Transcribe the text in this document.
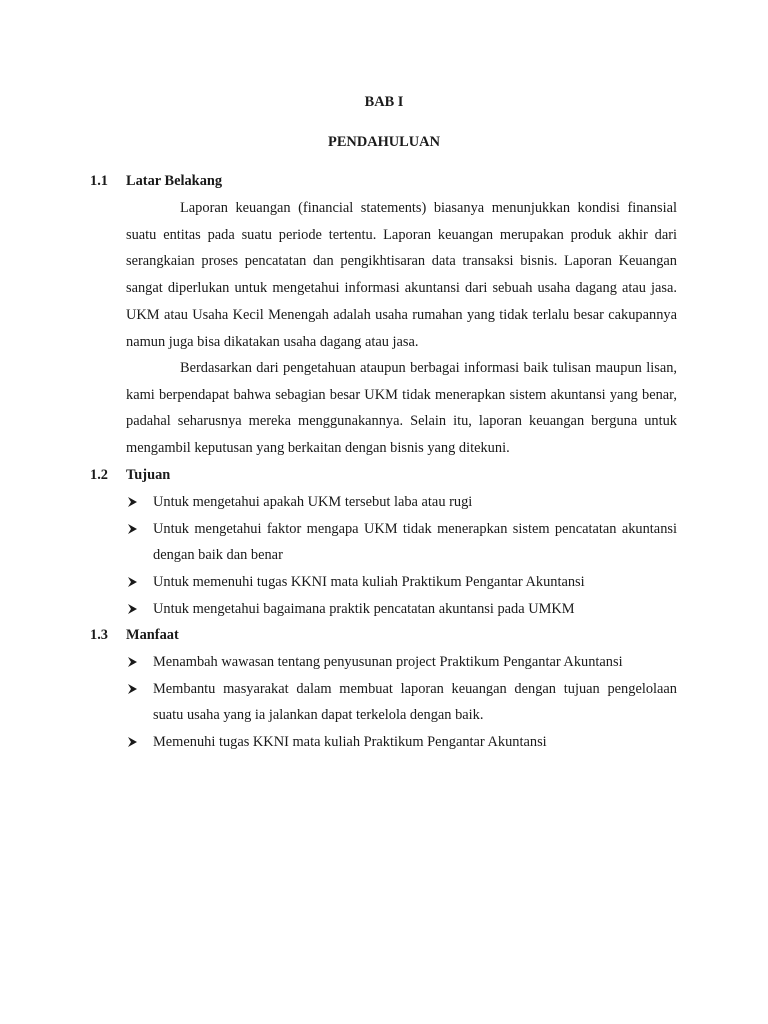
BAB I
PENDAHULUAN
1.1 Latar Belakang

Laporan keuangan (financial statements) biasanya menunjukkan kondisi finansial suatu entitas pada suatu periode tertentu. Laporan keuangan merupakan produk akhir dari serangkaian proses pencatatan dan pengikhtisaran data transaksi bisnis. Laporan Keuangan sangat diperlukan untuk mengetahui informasi akuntansi dari sebuah usaha dagang atau jasa. UKM atau Usaha Kecil Menengah adalah usaha rumahan yang tidak terlalu besar cakupannya namun juga bisa dikatakan usaha dagang atau jasa.

Berdasarkan dari pengetahuan ataupun berbagai informasi baik tulisan maupun lisan, kami berpendapat bahwa sebagian besar UKM tidak menerapkan sistem akuntansi yang benar, padahal seharusnya mereka menggunakannya. Selain itu, laporan keuangan berguna untuk mengambil keputusan yang berkaitan dengan bisnis yang ditekuni.

1.2 Tujuan
Untuk mengetahui apakah UKM tersebut laba atau rugi
Untuk mengetahui faktor mengapa UKM tidak menerapkan sistem pencatatan akuntansi dengan baik dan benar
Untuk memenuhi tugas KKNI mata kuliah Praktikum Pengantar Akuntansi
Untuk mengetahui bagaimana praktik pencatatan akuntansi pada UMKM
1.3 Manfaat
Menambah wawasan tentang penyusunan project Praktikum Pengantar Akuntansi
Membantu masyarakat dalam membuat laporan keuangan dengan tujuan pengelolaan suatu usaha yang ia jalankan dapat terkelola dengan baik.
Memenuhi tugas KKNI mata kuliah Praktikum Pengantar Akuntansi
